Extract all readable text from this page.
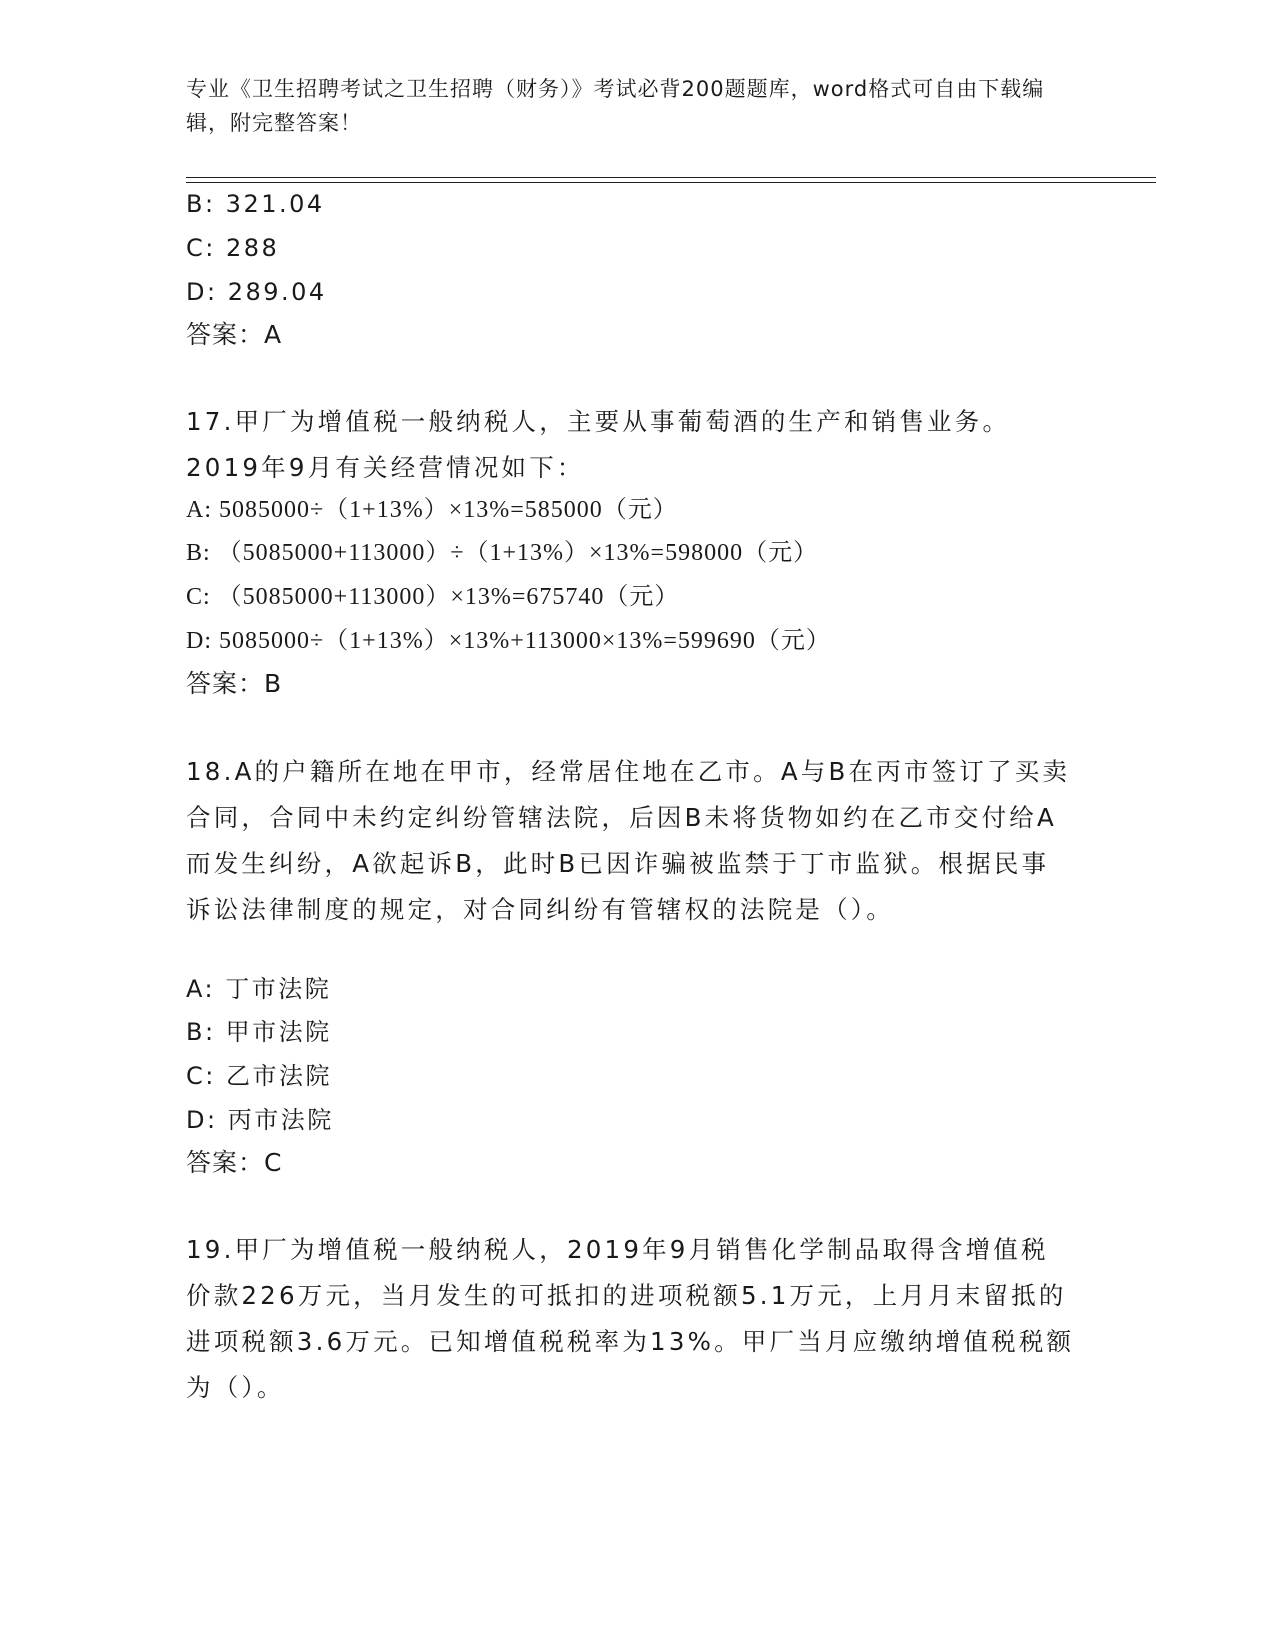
专业《卫生招聘考试之卫生招聘（财务）》考试必背200题题库，word格式可自由下载编辑，附完整答案！
B: 321.04
C: 288
D: 289.04
答案：A
17.甲厂为增值税一般纳税人，主要从事葡萄酒的生产和销售业务。2019年9月有关经营情况如下：
A: 5085000÷（1+13%）×13%=585000（元）
B: （5085000+113000）÷（1+13%）×13%=598000（元）
C: （5085000+113000）×13%=675740（元）
D: 5085000÷（1+13%）×13%+113000×13%=599690（元）
答案：B
18.A的户籍所在地在甲市，经常居住地在乙市。A与B在丙市签订了买卖合同，合同中未约定纠纷管辖法院，后因B未将货物如约在乙市交付给A而发生纠纷，A欲起诉B，此时B已因诈骗被监禁于丁市监狱。根据民事诉讼法律制度的规定，对合同纠纷有管辖权的法院是（）。
A: 丁市法院
B: 甲市法院
C: 乙市法院
D: 丙市法院
答案：C
19.甲厂为增值税一般纳税人，2019年9月销售化学制品取得含增值税价款226万元，当月发生的可抵扣的进项税额5.1万元，上月月末留抵的进项税额3.6万元。已知增值税税率为13%。甲厂当月应缴纳增值税税额为（）。
